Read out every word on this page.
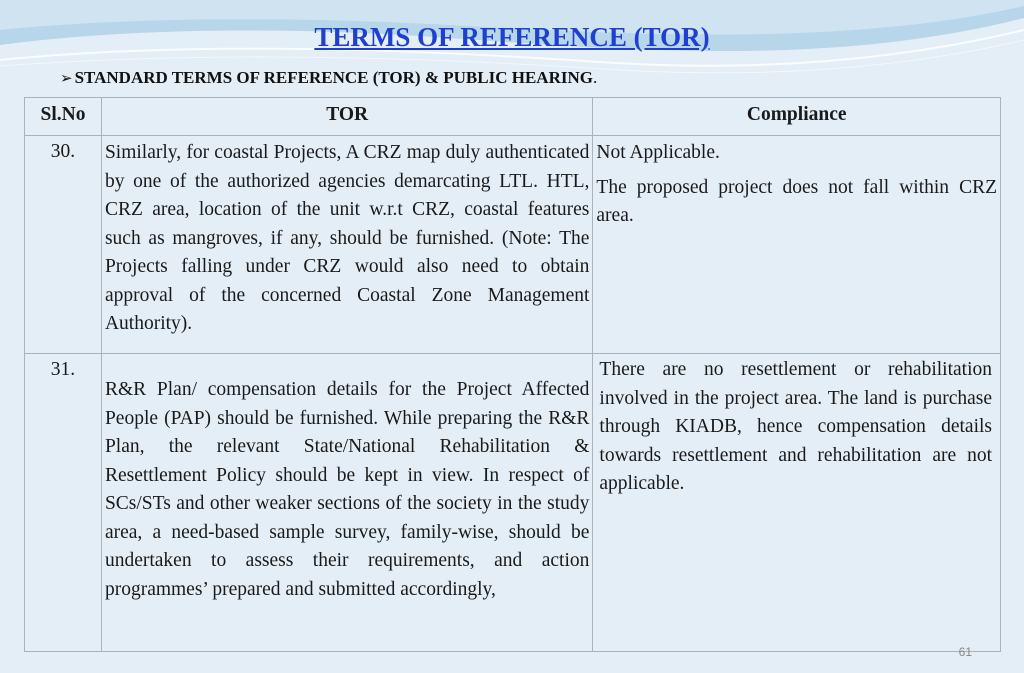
TERMS OF REFERENCE (TOR)
➢ STANDARD TERMS OF REFERENCE (TOR) & PUBLIC HEARING.
Sl.No	TOR	Compliance
30.	Similarly, for coastal Projects, A CRZ map duly authenticated by one of the authorized agencies demarcating LTL. HTL, CRZ area, location of the unit w.r.t CRZ, coastal features such as mangroves, if any, should be furnished. (Note: The Projects falling under CRZ would also need to obtain approval of the concerned Coastal Zone Management Authority).	Not Applicable.

The proposed project does not fall within CRZ area.

31.	R&R Plan/ compensation details for the Project Affected People (PAP) should be furnished. While preparing the R&R Plan, the relevant State/National Rehabilitation & Resettlement Policy should be kept in view. In respect of SCs/STs and other weaker sections of the society in the study area, a need-based sample survey, family-wise, should be undertaken to assess their requirements, and action programmes’ prepared and submitted accordingly,	There are no resettlement or rehabilitation involved in the project area. The land is purchase through KIADB, hence compensation details towards resettlement and rehabilitation are not applicable.
61
